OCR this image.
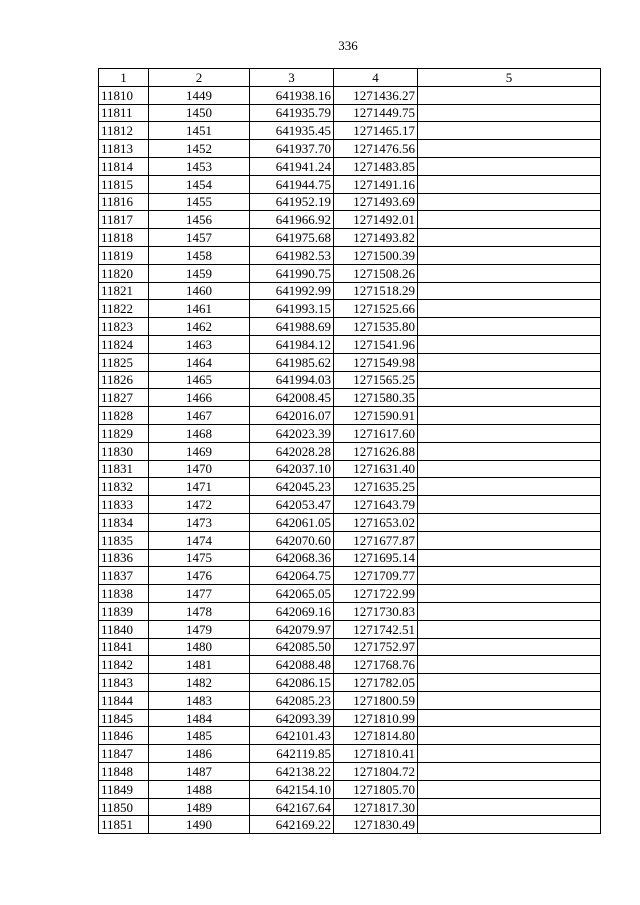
336
1	2	3	4	5
11810	1449	641938.16	1271436.27	
11811	1450	641935.79	1271449.75	
11812	1451	641935.45	1271465.17	
11813	1452	641937.70	1271476.56	
11814	1453	641941.24	1271483.85	
11815	1454	641944.75	1271491.16	
11816	1455	641952.19	1271493.69	
11817	1456	641966.92	1271492.01	
11818	1457	641975.68	1271493.82	
11819	1458	641982.53	1271500.39	
11820	1459	641990.75	1271508.26	
11821	1460	641992.99	1271518.29	
11822	1461	641993.15	1271525.66	
11823	1462	641988.69	1271535.80	
11824	1463	641984.12	1271541.96	
11825	1464	641985.62	1271549.98	
11826	1465	641994.03	1271565.25	
11827	1466	642008.45	1271580.35	
11828	1467	642016.07	1271590.91	
11829	1468	642023.39	1271617.60	
11830	1469	642028.28	1271626.88	
11831	1470	642037.10	1271631.40	
11832	1471	642045.23	1271635.25	
11833	1472	642053.47	1271643.79	
11834	1473	642061.05	1271653.02	
11835	1474	642070.60	1271677.87	
11836	1475	642068.36	1271695.14	
11837	1476	642064.75	1271709.77	
11838	1477	642065.05	1271722.99	
11839	1478	642069.16	1271730.83	
11840	1479	642079.97	1271742.51	
11841	1480	642085.50	1271752.97	
11842	1481	642088.48	1271768.76	
11843	1482	642086.15	1271782.05	
11844	1483	642085.23	1271800.59	
11845	1484	642093.39	1271810.99	
11846	1485	642101.43	1271814.80	
11847	1486	642119.85	1271810.41	
11848	1487	642138.22	1271804.72	
11849	1488	642154.10	1271805.70	
11850	1489	642167.64	1271817.30	
11851	1490	642169.22	1271830.49	
